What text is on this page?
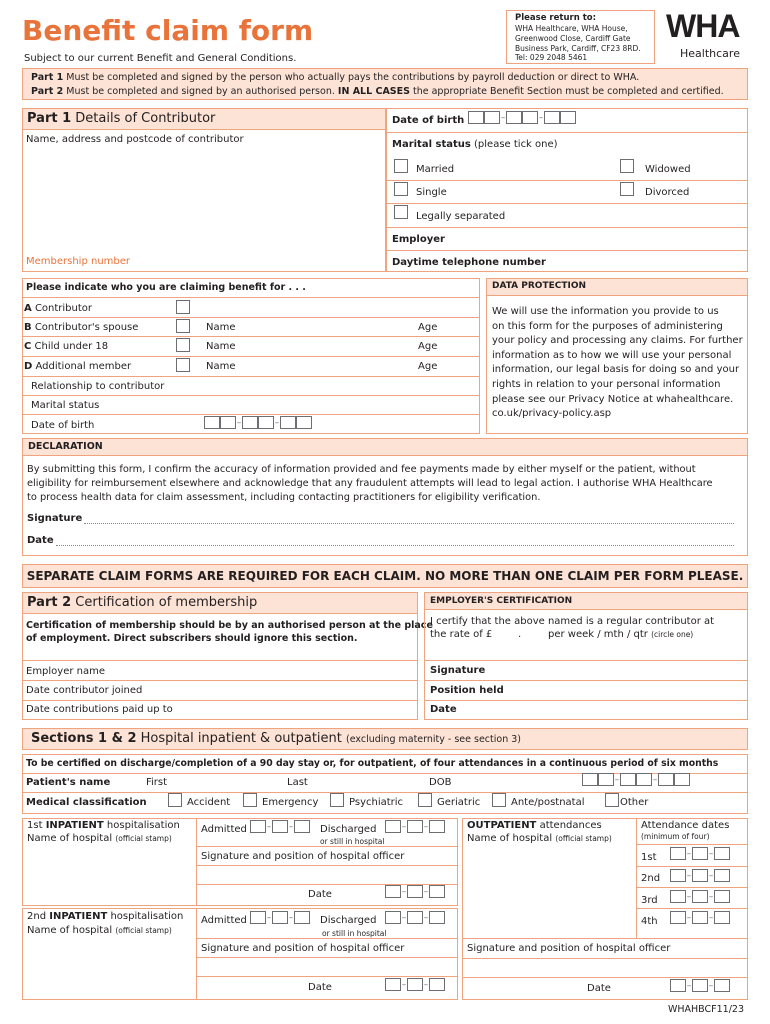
Benefit claim form
Subject to our current Benefit and General Conditions.
Please return to:
WHA Healthcare, WHA House,
Greenwood Close, Cardiff Gate
Business Park, Cardiff, CF23 8RD.
Tel: 029 2048 5461
WHA
Healthcare
Part 1 Must be completed and signed by the person who actually pays the contributions by payroll deduction or direct to WHA.
Part 2 Must be completed and signed by an authorised person. IN ALL CASES the appropriate Benefit Section must be completed and certified.
Part 1 Details of Contributor
Name, address and postcode of contributor
Membership number
Date of birth	–	–
Marital status (please tick one)
Married	Widowed
Single	Divorced
Legally separated
Employer
Daytime telephone number
Please indicate who you are claiming benefit for . . .
A Contributor
B Contributor's spouse	Name	Age
C Child under 18	Name	Age
D Additional member	Name	Age
Relationship to contributor
Marital status
Date of birth	–	–
DATA PROTECTION
We will use the information you provide to us
on this form for the purposes of administering
your policy and processing any claims. For further
information as to how we will use your personal
information, our legal basis for doing so and your
rights in relation to your personal information
please see our Privacy Notice at whahealthcare.
co.uk/privacy-policy.asp
DECLARATION
By submitting this form, I confirm the accuracy of information provided and fee payments made by either myself or the patient, without
eligibility for reimbursement elsewhere and acknowledge that any fraudulent attempts will lead to legal action. I authorise WHA Healthcare
to process health data for claim assessment, including contacting practitioners for eligibility verification.
Signature
Date
SEPARATE CLAIM FORMS ARE REQUIRED FOR EACH CLAIM. NO MORE THAN ONE CLAIM PER FORM PLEASE.
Part 2 Certification of membership
Certification of membership should be by an authorised person at the place
of employment. Direct subscribers should ignore this section.
Employer name
Date contributor joined
Date contributions paid up to
EMPLOYER'S CERTIFICATION
I certify that the above named is a regular contributor at
the rate of £	.	per week / mth / qtr (circle one)
Signature
Position held
Date
Sections 1 & 2 Hospital inpatient & outpatient (excluding maternity - see section 3)
To be certified on discharge/completion of a 90 day stay or, for outpatient, of four attendances in a continuous period of six months
Patient's name	First	Last	DOB	–	–
Medical classification	Accident	Emergency	Psychiatric	Geriatric	Ante/postnatal	Other
1st INPATIENT hospitalisation
Name of hospital (official stamp)
Admitted	– –	Discharged	– –
or still in hospital
Signature and position of hospital officer
Date	– –
2nd INPATIENT hospitalisation
Name of hospital (official stamp)
Admitted	– –	Discharged	– –
or still in hospital
Signature and position of hospital officer
Date	– –
OUTPATIENT attendances
Name of hospital (official stamp)
Attendance dates
(minimum of four)
1st	– –
2nd	– –
3rd	– –
4th	– –
Signature and position of hospital officer
Date	– –
WHAHBCF11/23
